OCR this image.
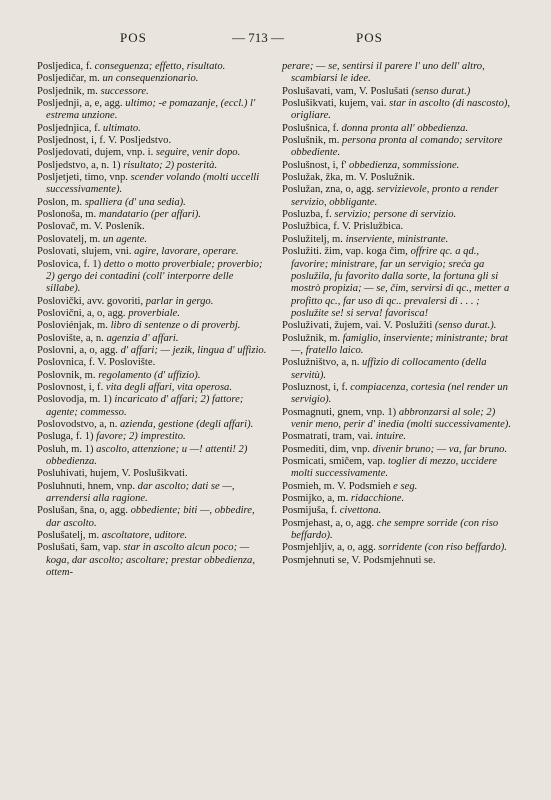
POS	— 713 —	POS

Posljedica, f. conseguenza; effetto, risultato.

Posljedičar, m. un consequenzionario.

Posljednik, m. successore.

Posljednji, a, e, agg. ultimo; -e pomazanje, (eccl.) l' estrema unzione.

Posljednjica, f. ultimato.

Posljednost, i, f. V. Posljedstvo.

Posljedovati, dujem, vnp. i. seguire, venir dopo.

Posljedstvo, a, n. 1) risultato; 2) posterità.

Posljetjeti, timo, vnp. scender volando (molti uccelli successivamente).

Poslon, m. spalliera (d' una sedia).

Poslonoša, m. mandatario (per affari).

Poslovač, m. V. Posleník.

Poslovatelj, m. un agente.

Poslovati, slujem, vni. agire, lavorare, operare.

Poslovica, f. 1) detto o motto proverbiale; proverbio; 2) gergo dei contadini (coll' interporre delle sillabe).

Poslovički, avv. govoriti, parlar in gergo.

Poslovični, a, o, agg. proverbiale.

Posloviénjak, m. libro di sentenze o di proverbj.

Poslovište, a, n. agenzia d' affari.

Poslovni, a, o, agg. d' affari; — jezik, lingua d' uffizio.

Poslovnica, f. V. Poslovište.

Poslovnik, m. regolamento (d' uffizio).

Poslovnost, i, f. vita degli affari, vita operosa.

Poslovodja, m. 1) incaricato d' affari; 2) fattore; agente; commesso.

Poslovodstvo, a, n. azienda, gestione (degli affari).

Posluga, f. 1) favore; 2) imprestito.

Posluh, m. 1) ascolto, attenzione; u —! attenti! 2) obbedienza.

Posluhivati, hujem, V. Poslušikvati.

Posluhnuti, hnem, vnp. dar ascolto; dati se —, arrendersi alla ragione.

Poslušan, šna, o, agg. obbediente; biti —, obbedire, dar ascolto.

Poslušatelj, m. ascoltatore, uditore.

Poslušati, šam, vap. star in ascolto alcun poco; — koga, dar ascolto; ascoltare; prestar obbedienza, ottem-

perare; — se, sentirsi il parere l' uno dell' altro, scambiarsi le idee.

Poslušavati, vam, V. Poslušati (senso durat.)

Poslušikvati, kujem, vai. star in ascolto (di nascosto), origliare.

Poslušnica, f. donna pronta all' obbedienza.

Poslušnik, m. persona pronta al comando; servitore obbediente.

Poslušnost, i, f' obbedienza, sommissione.

Poslužak, žka, m. V. Poslužnik.

Poslužan, zna, o, agg. servizievole, pronto a render servizio, obbligante.

Posluzba, f. servizio; persone di servizio.

Poslužbica, f. V. Prislužbica.

Poslužitelj, m. inserviente, ministrante.

Poslužiti. žim, vap. koga čim, offrire qc. a qd., favorire; ministrare, far un servigio; sreća ga poslužila, fu favorito dalla sorte, la fortuna gli si mostrò propizia; — se, čim, servirsi di qc., metter a profitto qc., far uso di qc.. prevalersi di . . . ; poslužite se! si serva! favorisca!

Posluživati, žujem, vai. V. Poslužiti (senso durat.).

Poslužnik, m. famiglio, inserviente; ministrante; brat —, fratello laico.

Poslužništvo, a, n. uffizio di collocamento (della servitù).

Posluznost, i, f. compiacenza, cortesia (nel render un servigio).

Posmagnuti, gnem, vnp. 1) abbronzarsi al sole; 2) venir meno, perir d' inedia (molti successivamente).

Posmatrati, tram, vai. intuire.

Posmediti, dim, vnp. divenir bruno; — va, far bruno.

Posmicati, smičem, vap. toglier di mezzo, uccidere molti successivamente.

Posmieh, m. V. Podsmieh e seg.

Posmijko, a, m. ridacchione.

Posmijuša, f. civettona.

Posmjehast, a, o, agg. che sempre sorride (con riso beffardo).

Posmjehljiv, a, o, agg. sorridente (con riso beffardo).

Posmjehnuti se, V. Podsmjehnuti se.
